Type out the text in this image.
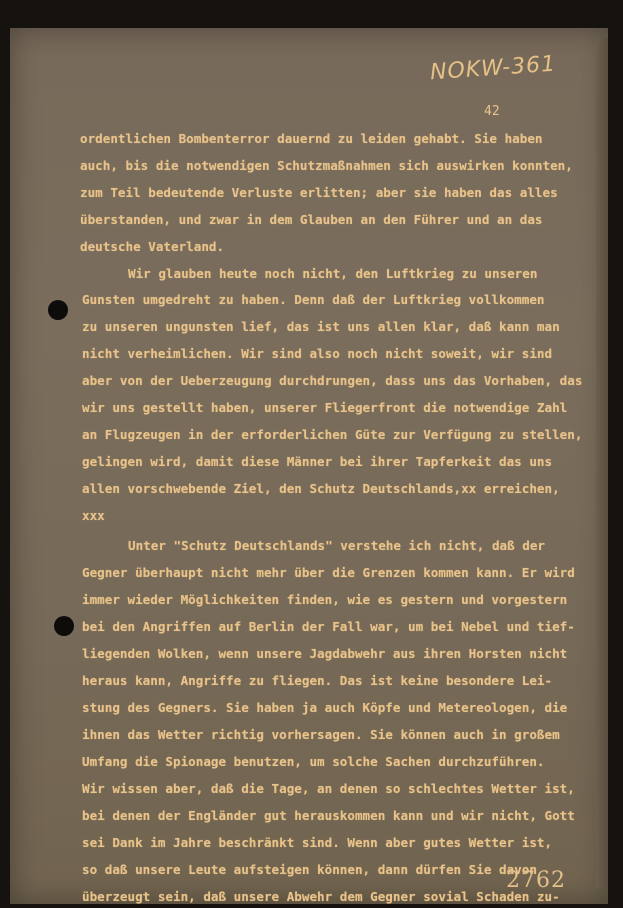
NOKW-361
42
ordentlichen Bombenterror dauernd zu leiden gehabt. Sie haben
auch, bis die notwendigen Schutzmaßnahmen sich auswirken konnten,
zum Teil bedeutende Verluste erlitten; aber sie haben das alles
überstanden, und zwar in dem Glauben an den Führer und an das
deutsche Vaterland.
Wir glauben heute noch nicht, den Luftkrieg zu unseren
Gunsten umgedreht zu haben. Denn daß der Luftkrieg vollkommen
zu unseren ungunsten lief, das ist uns allen klar, daß kann man
nicht verheimlichen. Wir sind also noch nicht soweit, wir sind
aber von der Ueberzeugung durchdrungen, dass uns das Vorhaben, das
wir uns gestellt haben, unserer Fliegerfront die notwendige Zahl
an Flugzeugen in der erforderlichen Güte zur Verfügung zu stellen,
gelingen wird, damit diese Männer bei ihrer Tapferkeit das uns
allen vorschwebende Ziel, den Schutz Deutschlands,xx erreichen,
xxx
Unter "Schutz Deutschlands" verstehe ich nicht, daß der
Gegner überhaupt nicht mehr über die Grenzen kommen kann. Er wird
immer wieder Möglichkeiten finden, wie es gestern und vorgestern
bei den Angriffen auf Berlin der Fall war, um bei Nebel und tief-
liegenden Wolken, wenn unsere Jagdabwehr aus ihren Horsten nicht
heraus kann, Angriffe zu fliegen. Das ist keine besondere Lei-
stung des Gegners. Sie haben ja auch Köpfe und Metereologen, die
ihnen das Wetter richtig vorhersagen. Sie können auch in großem
Umfang die Spionage benutzen, um solche Sachen durchzuführen.
Wir wissen aber, daß die Tage, an denen so schlechtes Wetter ist,
bei denen der Engländer gut herauskommen kann und wir nicht, Gott
sei Dank im Jahre beschränkt sind. Wenn aber gutes Wetter ist,
so daß unsere Leute aufsteigen können, dann dürfen Sie davon
überzeugt sein, daß unsere Abwehr dem Gegner sovial Schaden zu-
2762
